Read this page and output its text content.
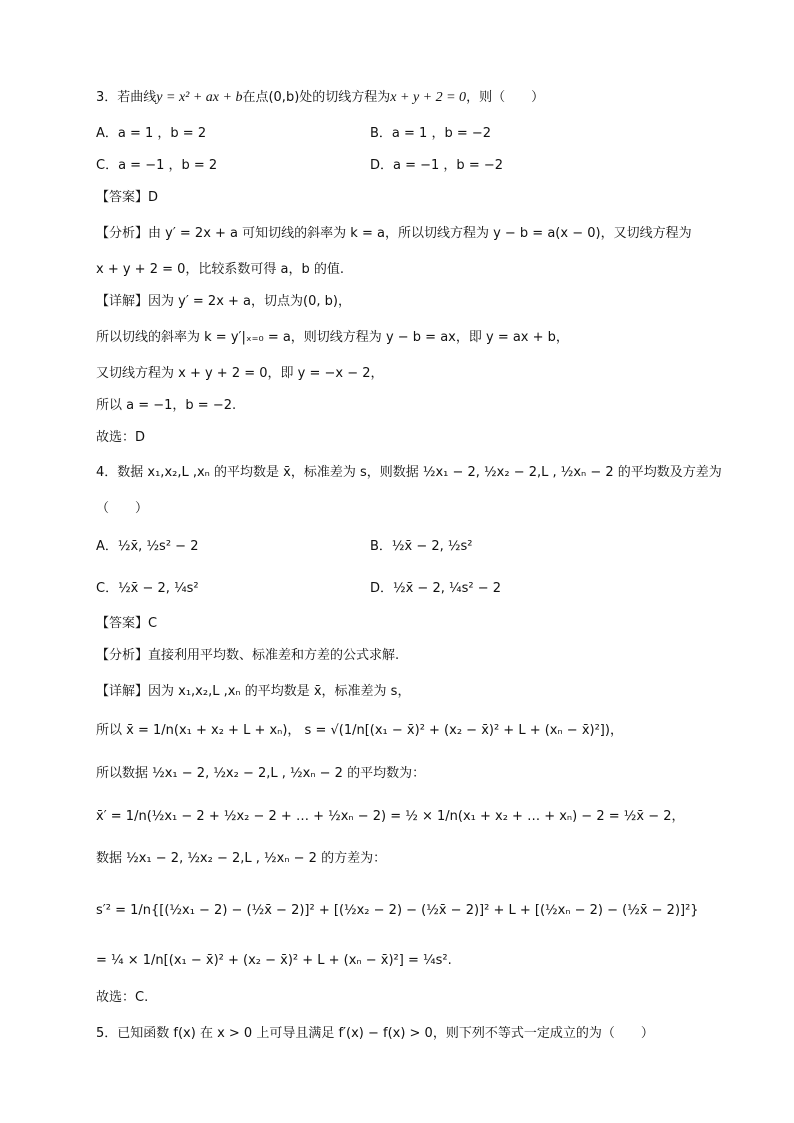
3．若曲线y = x² + ax + b在点(0,b)处的切线方程为x + y + 2 = 0，则（　　）
A．a = 1 ，b = 2	B．a = 1 ，b = −2
C．a = −1 ，b = 2	D．a = −1 ，b = −2
【答案】D
【分析】由 y′ = 2x + a 可知切线的斜率为 k = a，所以切线方程为 y − b = a(x − 0)，又切线方程为
x + y + 2 = 0，比较系数可得 a，b 的值.
【详解】因为 y′ = 2x + a，切点为(0, b)，
所以切线的斜率为 k = y′|ₓ₌₀ = a，则切线方程为 y − b = ax，即 y = ax + b，
又切线方程为 x + y + 2 = 0，即 y = −x − 2，
所以 a = −1，b = −2.
故选：D
4．数据 x₁,x₂,L ,xₙ 的平均数是 x̄，标准差为 s，则数据 ½x₁ − 2, ½x₂ − 2,L , ½xₙ − 2 的平均数及方差为
（　　）
A．½x̄, ½s² − 2	B．½x̄ − 2, ½s²
C．½x̄ − 2, ¼s²	D．½x̄ − 2, ¼s² − 2
【答案】C
【分析】直接利用平均数、标准差和方差的公式求解.
【详解】因为 x₁,x₂,L ,xₙ 的平均数是 x̄，标准差为 s，
所以 x̄ = 1/n(x₁ + x₂ + L + xₙ)， s = √(1/n[(x₁ − x̄)² + (x₂ − x̄)² + L + (xₙ − x̄)²])，
所以数据 ½x₁ − 2, ½x₂ − 2,L , ½xₙ − 2 的平均数为：
x̄′ = 1/n(½x₁ − 2 + ½x₂ − 2 + … + ½xₙ − 2) = ½ × 1/n(x₁ + x₂ + … + xₙ) − 2 = ½x̄ − 2，
数据 ½x₁ − 2, ½x₂ − 2,L , ½xₙ − 2 的方差为：
s′² = 1/n{[(½x₁ − 2) − (½x̄ − 2)]² + [(½x₂ − 2) − (½x̄ − 2)]² + L + [(½xₙ − 2) − (½x̄ − 2)]²}
= ¼ × 1/n[(x₁ − x̄)² + (x₂ − x̄)² + L + (xₙ − x̄)²] = ¼s².
故选：C.
5．已知函数 f(x) 在 x > 0 上可导且满足 f′(x) − f(x) > 0，则下列不等式一定成立的为（　　）
